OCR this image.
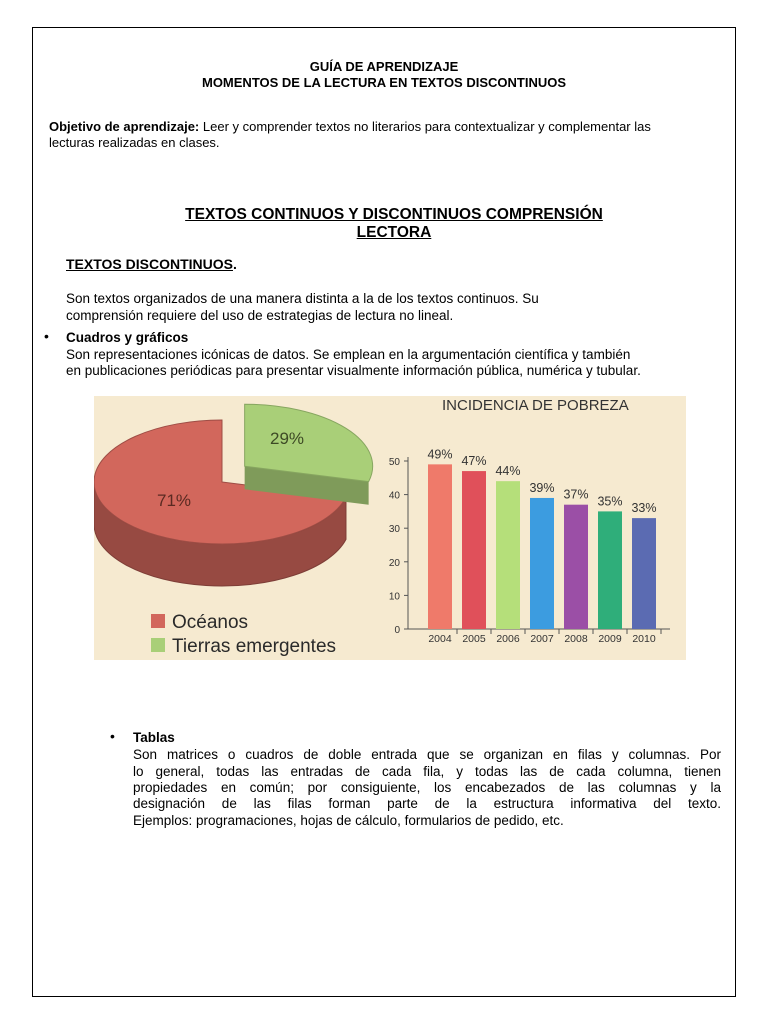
GUÍA DE APRENDIZAJE
MOMENTOS DE LA LECTURA EN TEXTOS DISCONTINUOS
Objetivo de aprendizaje: Leer y comprender textos no literarios para contextualizar y complementar las
lecturas realizadas en clases.
TEXTOS CONTINUOS Y DISCONTINUOS COMPRENSIÓN
LECTORA
TEXTOS DISCONTINUOS.
Son textos organizados de una manera distinta a la de los textos continuos. Su
comprensión requiere del uso de estrategias de lectura no lineal.
• Cuadros y gráficos
Son representaciones icónicas de datos. Se emplean en la argumentación científica y también
en publicaciones periódicas para presentar visualmente información pública, numérica y tubular.
71%
29%
Océanos
Tierras emergentes
INCIDENCIA DE POBREZA
0
10
20
30
40
50
49%
2004
47%
2005
44%
2006
39%
2007
37%
2008
35%
2009
33%
2010
• Tablas
Son matrices o cuadros de doble entrada que se organizan en filas y columnas. Por
lo general, todas las entradas de cada fila, y todas las de cada columna, tienen
propiedades en común; por consiguiente, los encabezados de las columnas y la
designación de las filas forman parte de la estructura informativa del texto.
Ejemplos: programaciones, hojas de cálculo, formularios de pedido, etc.
